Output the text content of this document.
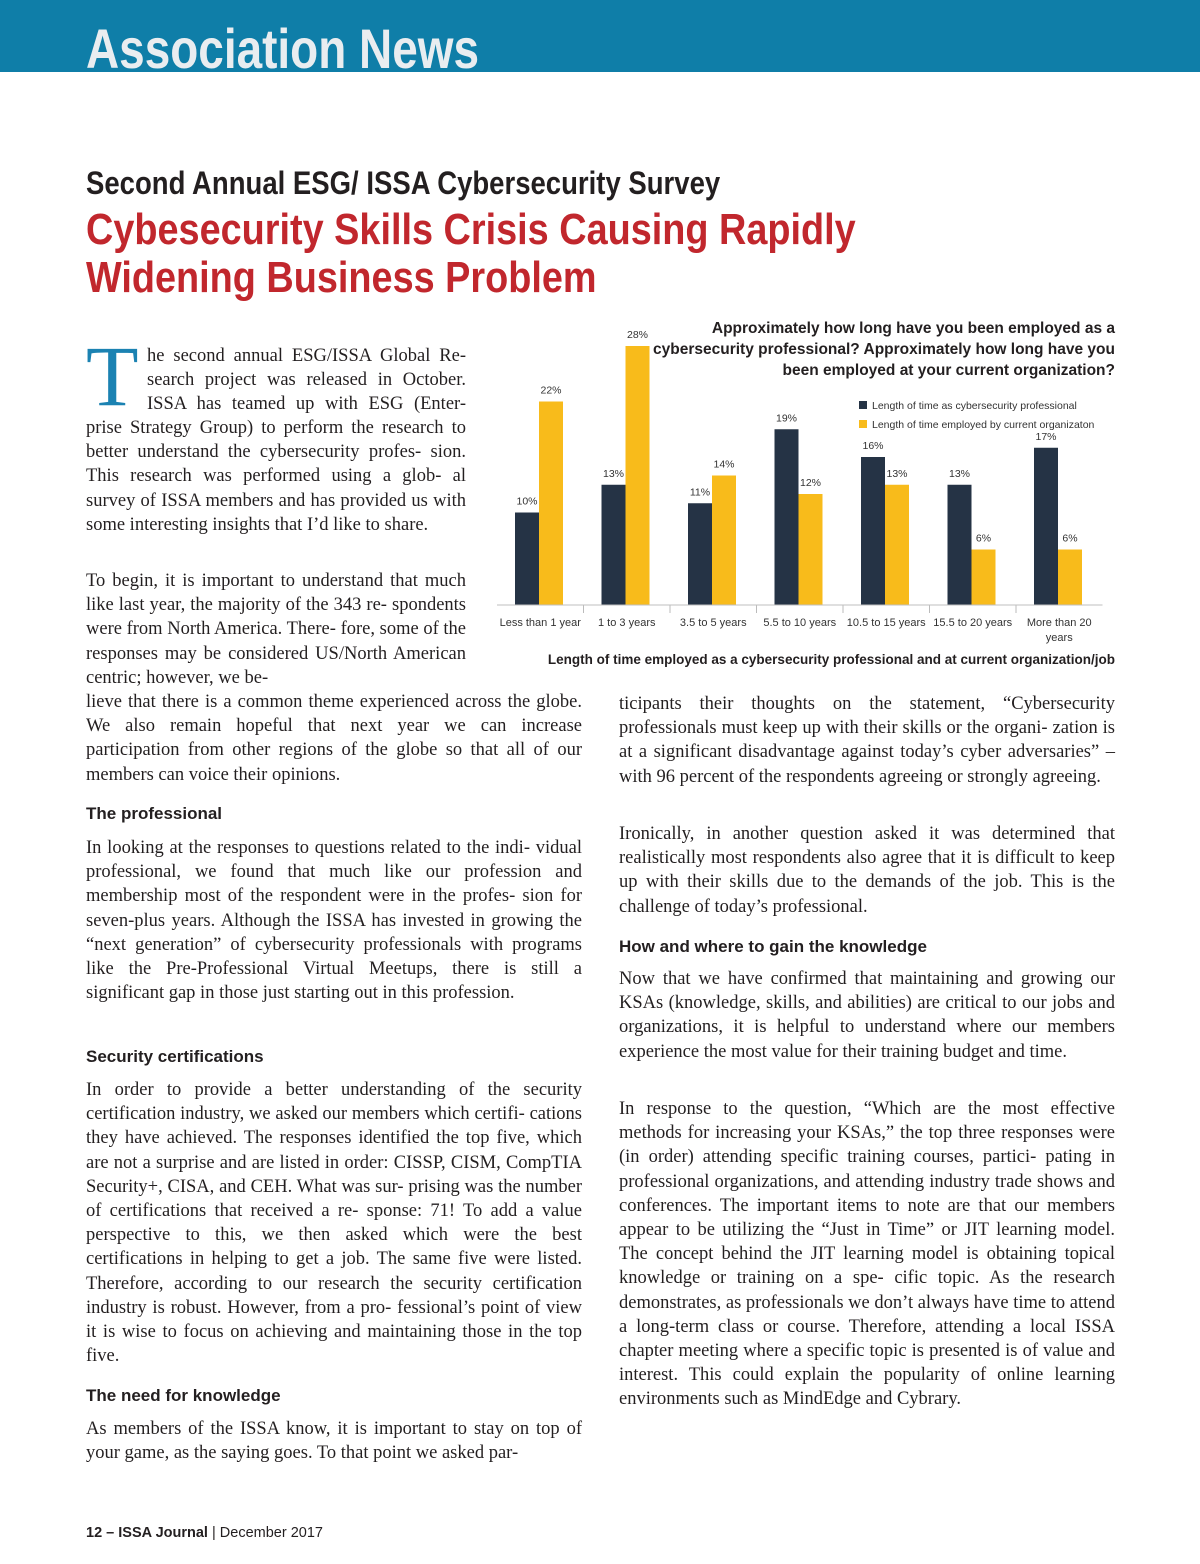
Association News
Second Annual ESG/ ISSA Cybersecurity Survey
Cybesecurity Skills Crisis Causing Rapidly
Widening Business Problem
T he second annual ESG/ISSA Global Re-

search project was released in October.

ISSA has teamed up with ESG (Enter-

prise Strategy Group) to perform the research to better understand the cybersecurity profes- sion. This research was performed using a glob- al survey of ISSA members and has provided us with some interesting insights that I’d like to share.

To begin, it is important to understand that much like last year, the majority of the 343 re- spondents were from North America. There- fore, some of the responses may be considered US/North American centric; however, we be-

lieve that there is a common theme experienced across the globe. We also remain hopeful that next year we can increase participation from other regions of the globe so that all of our members can voice their opinions.

The professional

In looking at the responses to questions related to the indi- vidual professional, we found that much like our profession and membership most of the respondent were in the profes- sion for seven-plus years. Although the ISSA has invested in growing the “next generation” of cybersecurity professionals with programs like the Pre-Professional Virtual Meetups, there is still a significant gap in those just starting out in this profession.

Security certifications

In order to provide a better understanding of the security certification industry, we asked our members which certifi- cations they have achieved. The responses identified the top five, which are not a surprise and are listed in order: CISSP, CISM, CompTIA Security+, CISA, and CEH. What was sur- prising was the number of certifications that received a re- sponse: 71! To add a value perspective to this, we then asked which were the best certifications in helping to get a job. The same five were listed. Therefore, according to our research the security certification industry is robust. However, from a pro- fessional’s point of view it is wise to focus on achieving and maintaining those in the top five.

The need for knowledge

As members of the ISSA know, it is important to stay on top of your game, as the saying goes. To that point we asked par-

ticipants their thoughts on the statement, “Cybersecurity professionals must keep up with their skills or the organi- zation is at a significant disadvantage against today’s cyber adversaries” – with 96 percent of the respondents agreeing or strongly agreeing.

Ironically, in another question asked it was determined that realistically most respondents also agree that it is difficult to keep up with their skills due to the demands of the job. This is the challenge of today’s professional.

How and where to gain the knowledge

Now that we have confirmed that maintaining and growing our KSAs (knowledge, skills, and abilities) are critical to our jobs and organizations, it is helpful to understand where our members experience the most value for their training budget and time.

In response to the question, “Which are the most effective methods for increasing your KSAs,” the top three responses were (in order) attending specific training courses, partici- pating in professional organizations, and attending industry trade shows and conferences. The important items to note are that our members appear to be utilizing the “Just in Time” or JIT learning model. The concept behind the JIT learning model is obtaining topical knowledge or training on a spe- cific topic. As the research demonstrates, as professionals we don’t always have time to attend a long-term class or course. Therefore, attending a local ISSA chapter meeting where a specific topic is presented is of value and interest. This could explain the popularity of online learning environments such as MindEdge and Cybrary.

Approximately how long have you been employed as a cybersecurity professional? Approximately how long have you been employed at your current organization?
Length of time as cybersecurity professional
Length of time employed by current organizaton
10%
22%
Less than 1 year
13%
28%
1 to 3 years
11%
14%
3.5 to 5 years
19%
12%
5.5 to 10 years
16%
13%
10.5 to 15 years
13%
6%
15.5 to 20 years
17%
6%
More than 20
years
Length of time employed as a cybersecurity professional and at current organization/job
12 – ISSA Journal | December 2017
